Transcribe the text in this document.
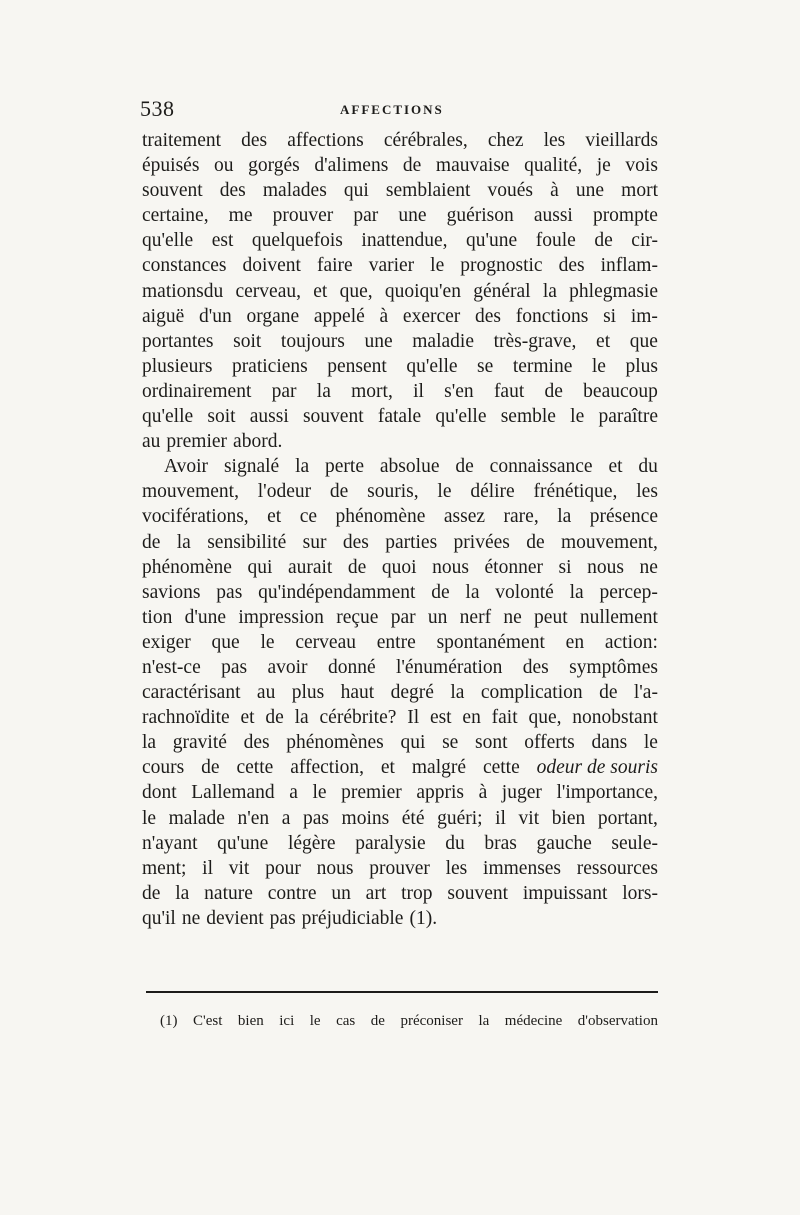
538	AFFECTIONS
traitement des affections cérébrales, chez les vieillards
épuisés ou gorgés d'alimens de mauvaise qualité, je vois
souvent des malades qui semblaient voués à une mort
certaine, me prouver par une guérison aussi prompte
qu'elle est quelquefois inattendue, qu'une foule de cir-
constances doivent faire varier le prognostic des inflam-
mationsdu cerveau, et que, quoiqu'en général la phlegmasie
aiguë d'un organe appelé à exercer des fonctions si im-
portantes soit toujours une maladie très-grave, et que
plusieurs praticiens pensent qu'elle se termine le plus
ordinairement par la mort, il s'en faut de beaucoup
qu'elle soit aussi souvent fatale qu'elle semble le paraître
au premier abord.
Avoir signalé la perte absolue de connaissance et du
mouvement, l'odeur de souris, le délire frénétique, les
vociférations, et ce phénomène assez rare, la présence
de la sensibilité sur des parties privées de mouvement,
phénomène qui aurait de quoi nous étonner si nous ne
savions pas qu'indépendamment de la volonté la percep-
tion d'une impression reçue par un nerf ne peut nullement
exiger que le cerveau entre spontanément en action:
n'est-ce pas avoir donné l'énumération des symptômes
caractérisant au plus haut degré la complication de l'a-
rachnoïdite et de la cérébrite? Il est en fait que, nonobstant
la gravité des phénomènes qui se sont offerts dans le
cours de cette affection, et malgré cette odeur de souris
dont Lallemand a le premier appris à juger l'importance,
le malade n'en a pas moins été guéri; il vit bien portant,
n'ayant qu'une légère paralysie du bras gauche seule-
ment; il vit pour nous prouver les immenses ressources
de la nature contre un art trop souvent impuissant lors-
qu'il ne devient pas préjudiciable (1).
(1) C'est bien ici le cas de préconiser la médecine d'observation
